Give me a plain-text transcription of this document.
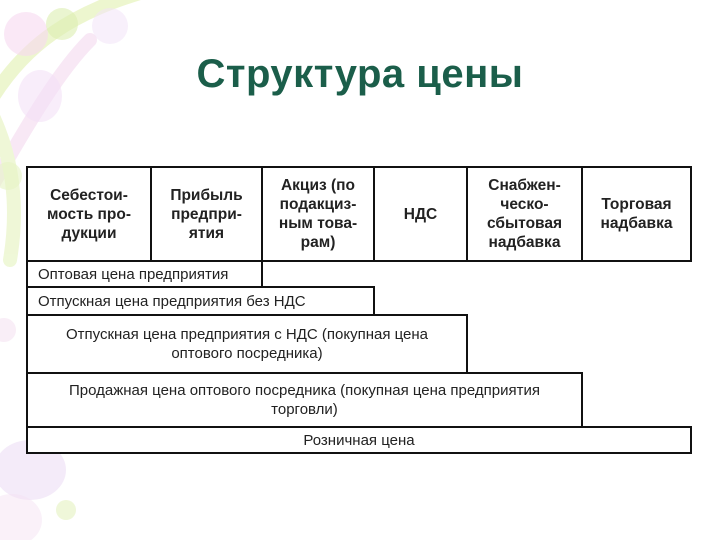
Структура цены
Себестои-
мость про-
дукции
Прибыль
предпри-
ятия
Акциз (по
подакциз-
ным това-
рам)
НДС
Снабжен-
ческо-
сбытовая
надбавка
Торговая
надбавка
Оптовая цена предприятия
Отпускная цена предприятия без НДС
Отпускная цена предприятия с НДС (покупная цена
оптового посредника)
Продажная цена оптового посредника (покупная цена предприятия
торговли)
Розничная цена
